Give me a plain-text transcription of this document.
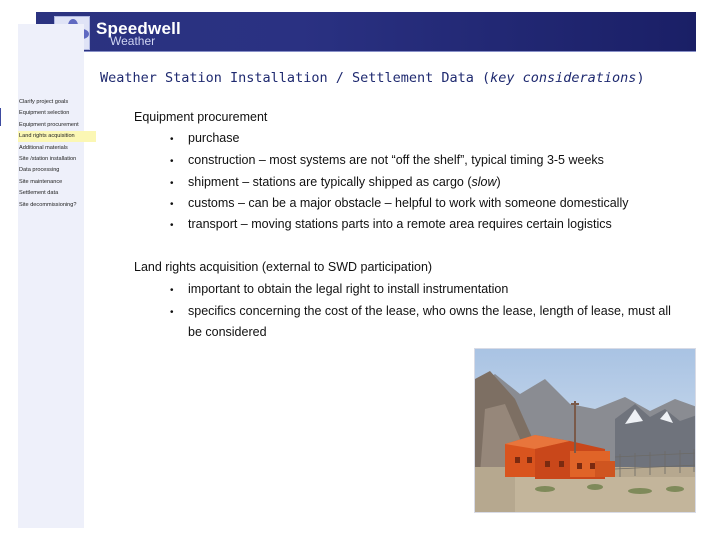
Speedwell
Weather
Weather Station Installation / Settlement Data (key considerations)
Clarify project goals
Equipment selection
Equipment procurement
Land rights acquisition
Additional materials
Site /station installation
Data processing
Site maintenance
Settlement data
Site decommissioning?
Equipment procurement
• purchase
• construction – most systems are not “off the shelf”, typical timing 3-5 weeks
• shipment – stations are typically shipped as cargo (slow)
• customs – can be a major obstacle – helpful to work with someone domestically
• transport – moving stations parts into a remote area requires certain logistics
Land rights acquisition (external to SWD participation)
• important to obtain the legal right to install instrumentation
• specifics concerning the cost of the lease, who owns the lease, length of lease, must all
be considered
